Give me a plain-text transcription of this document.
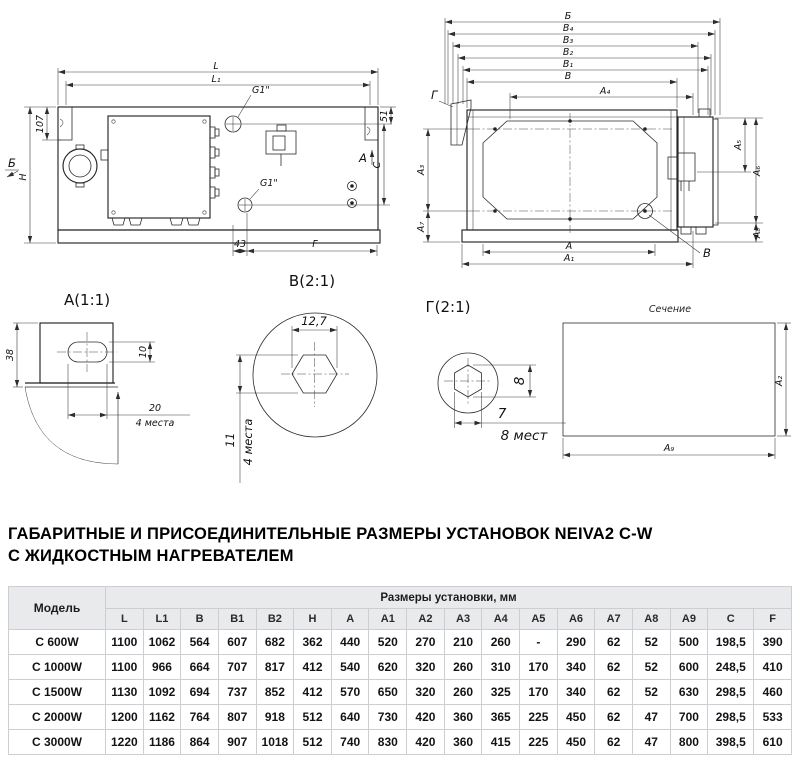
L
L₁
H
Б
107	51
C
A
G1"
G1"
43	F
Б
B₄
B₃
B₂
B₁
B
A₄
A₃
A₇
A₅
A₆
A₈
Г
В
A
A₁
А(1:1)
38	10
20
4 места
В(2:1)
12,7
11 4 места
Г(2:1)
8
7
8 мест
Сечение
A₂
A₉
ГАБАРИТНЫЕ И ПРИСОЕДИНИТЕЛЬНЫЕ РАЗМЕРЫ УСТАНОВОК NEIVA2 C-W
С ЖИДКОСТНЫМ НАГРЕВАТЕЛЕМ
Модель	Размеры установки, мм																	
	L	L1	B	B1	B2	H	A	A1	A2	A3	A4	A5	A6	A7	A8	A9	C	F
С 600W	1100	1062	564	607	682	362	440	520	270	210	260	-	290	62	52	500	198,5	390
С 1000W	1100	966	664	707	817	412	540	620	320	260	310	170	340	62	52	600	248,5	410
С 1500W	1130	1092	694	737	852	412	570	650	320	260	325	170	340	62	52	630	298,5	460
С 2000W	1200	1162	764	807	918	512	640	730	420	360	365	225	450	62	47	700	298,5	533
С 3000W	1220	1186	864	907	1018	512	740	830	420	360	415	225	450	62	47	800	398,5	610
